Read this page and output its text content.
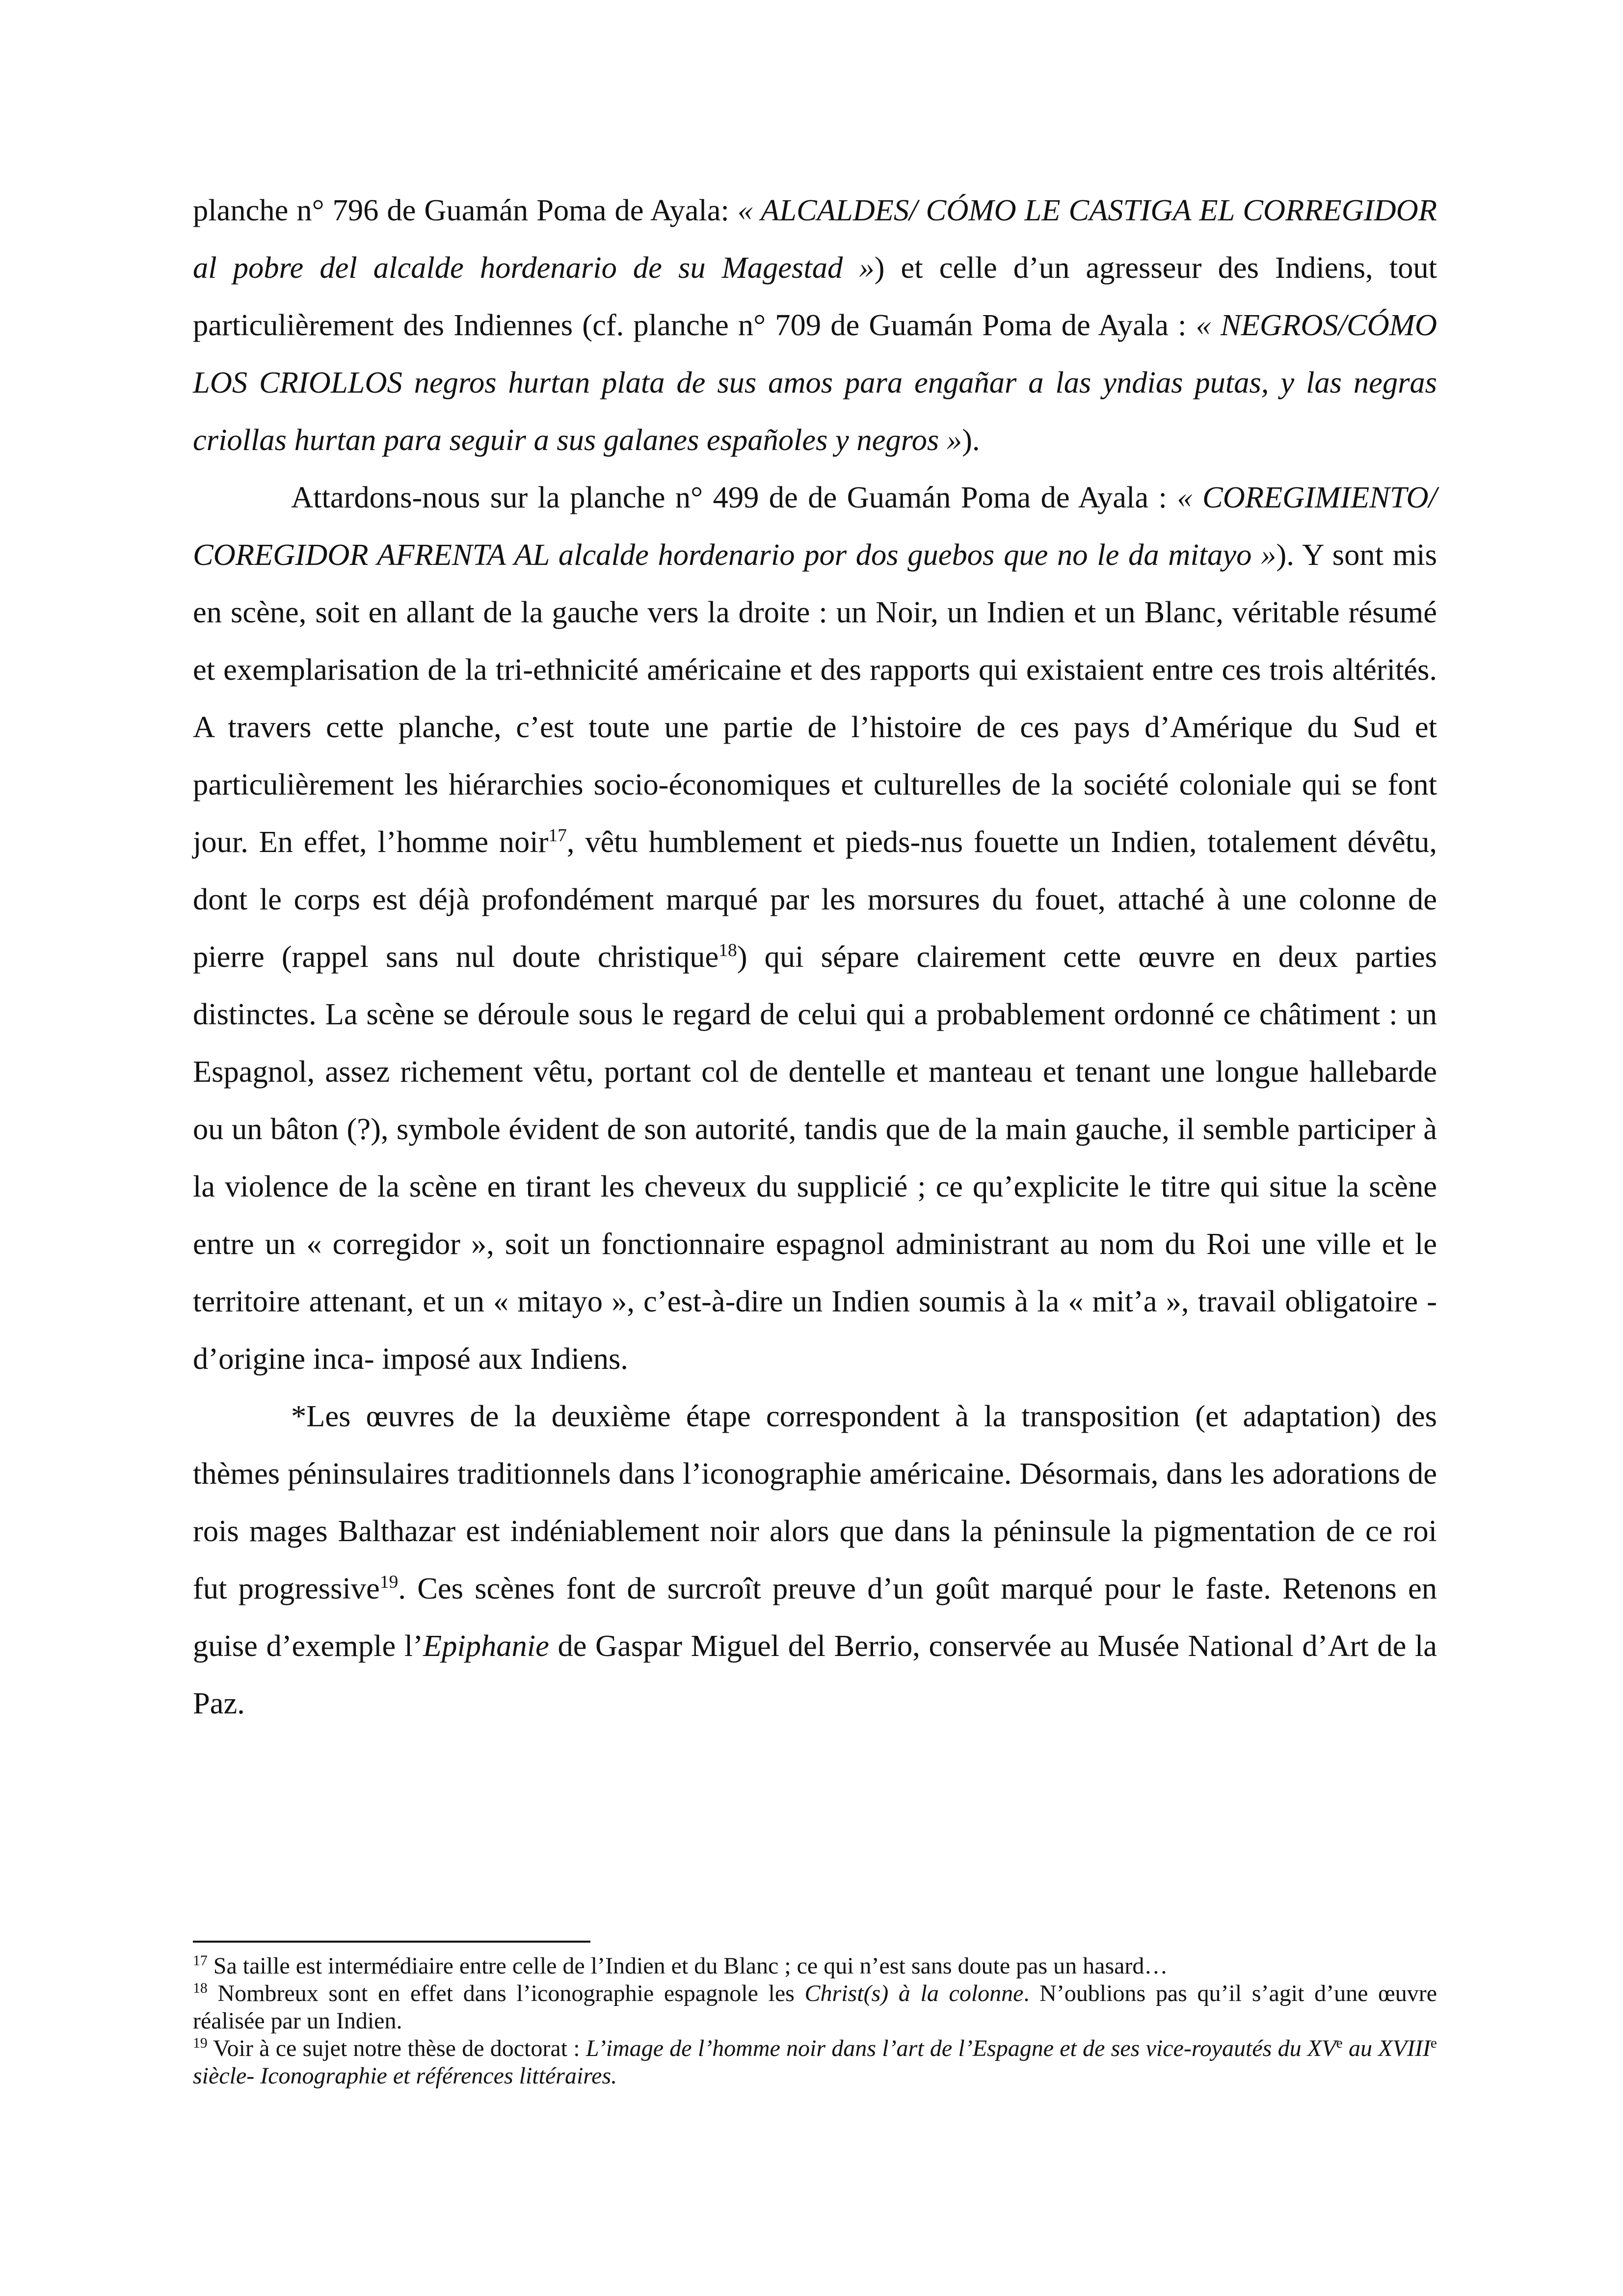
planche n° 796 de Guamán Poma de Ayala: « ALCALDES/ CÓMO LE CASTIGA EL CORREGIDOR al pobre del alcalde hordenario de su Magestad ») et celle d’un agresseur des Indiens, tout particulièrement des Indiennes (cf. planche n° 709 de Guamán Poma de Ayala : « NEGROS/CÓMO LOS CRIOLLOS negros hurtan plata de sus amos para engañar a las yndias putas, y las negras criollas hurtan para seguir a sus galanes españoles y negros »).

Attardons-nous sur la planche n° 499 de de Guamán Poma de Ayala : « COREGIMIENTO/ COREGIDOR AFRENTA AL alcalde hordenario por dos guebos que no le da mitayo »). Y sont mis en scène, soit en allant de la gauche vers la droite : un Noir, un Indien et un Blanc, véritable résumé et exemplarisation de la tri-ethnicité américaine et des rapports qui existaient entre ces trois altérités. A travers cette planche, c’est toute une partie de l’histoire de ces pays d’Amérique du Sud et particulièrement les hiérarchies socio-économiques et culturelles de la société coloniale qui se font jour. En effet, l’homme noir$^{17}$, vêtu humblement et pieds-nus fouette un Indien, totalement dévêtu, dont le corps est déjà profondément marqué par les morsures du fouet, attaché à une colonne de pierre (rappel sans nul doute christique$^{18}$) qui sépare clairement cette œuvre en deux parties distinctes. La scène se déroule sous le regard de celui qui a probablement ordonné ce châtiment : un Espagnol, assez richement vêtu, portant col de dentelle et manteau et tenant une longue hallebarde ou un bâton (?), symbole évident de son autorité, tandis que de la main gauche, il semble participer à la violence de la scène en tirant les cheveux du supplicié ; ce qu’explicite le titre qui situe la scène entre un « corregidor », soit un fonctionnaire espagnol administrant au nom du Roi une ville et le territoire attenant, et un « mitayo », c’est-à-dire un Indien soumis à la « mit’a », travail obligatoire -d’origine inca- imposé aux Indiens.

*Les œuvres de la deuxième étape correspondent à la transposition (et adaptation) des thèmes péninsulaires traditionnels dans l’iconographie américaine. Désormais, dans les adorations de rois mages Balthazar est indéniablement noir alors que dans la péninsule la pigmentation de ce roi fut progressive$^{19}$. Ces scènes font de surcroît preuve d’un goût marqué pour le faste. Retenons en guise d’exemple l’Epiphanie de Gaspar Miguel del Berrio, conservée au Musée National d’Art de la Paz.

$^{17}$ Sa taille est intermédiaire entre celle de l’Indien et du Blanc ; ce qui n’est sans doute pas un hasard…

$^{18}$ Nombreux sont en effet dans l’iconographie espagnole les Christ(s) à la colonne. N’oublions pas qu’il s’agit d’une œuvre réalisée par un Indien.

$^{19}$ Voir à ce sujet notre thèse de doctorat : L’image de l’homme noir dans l’art de l’Espagne et de ses vice-royautés du XVe au XVIIIe siècle- Iconographie et références littéraires.
